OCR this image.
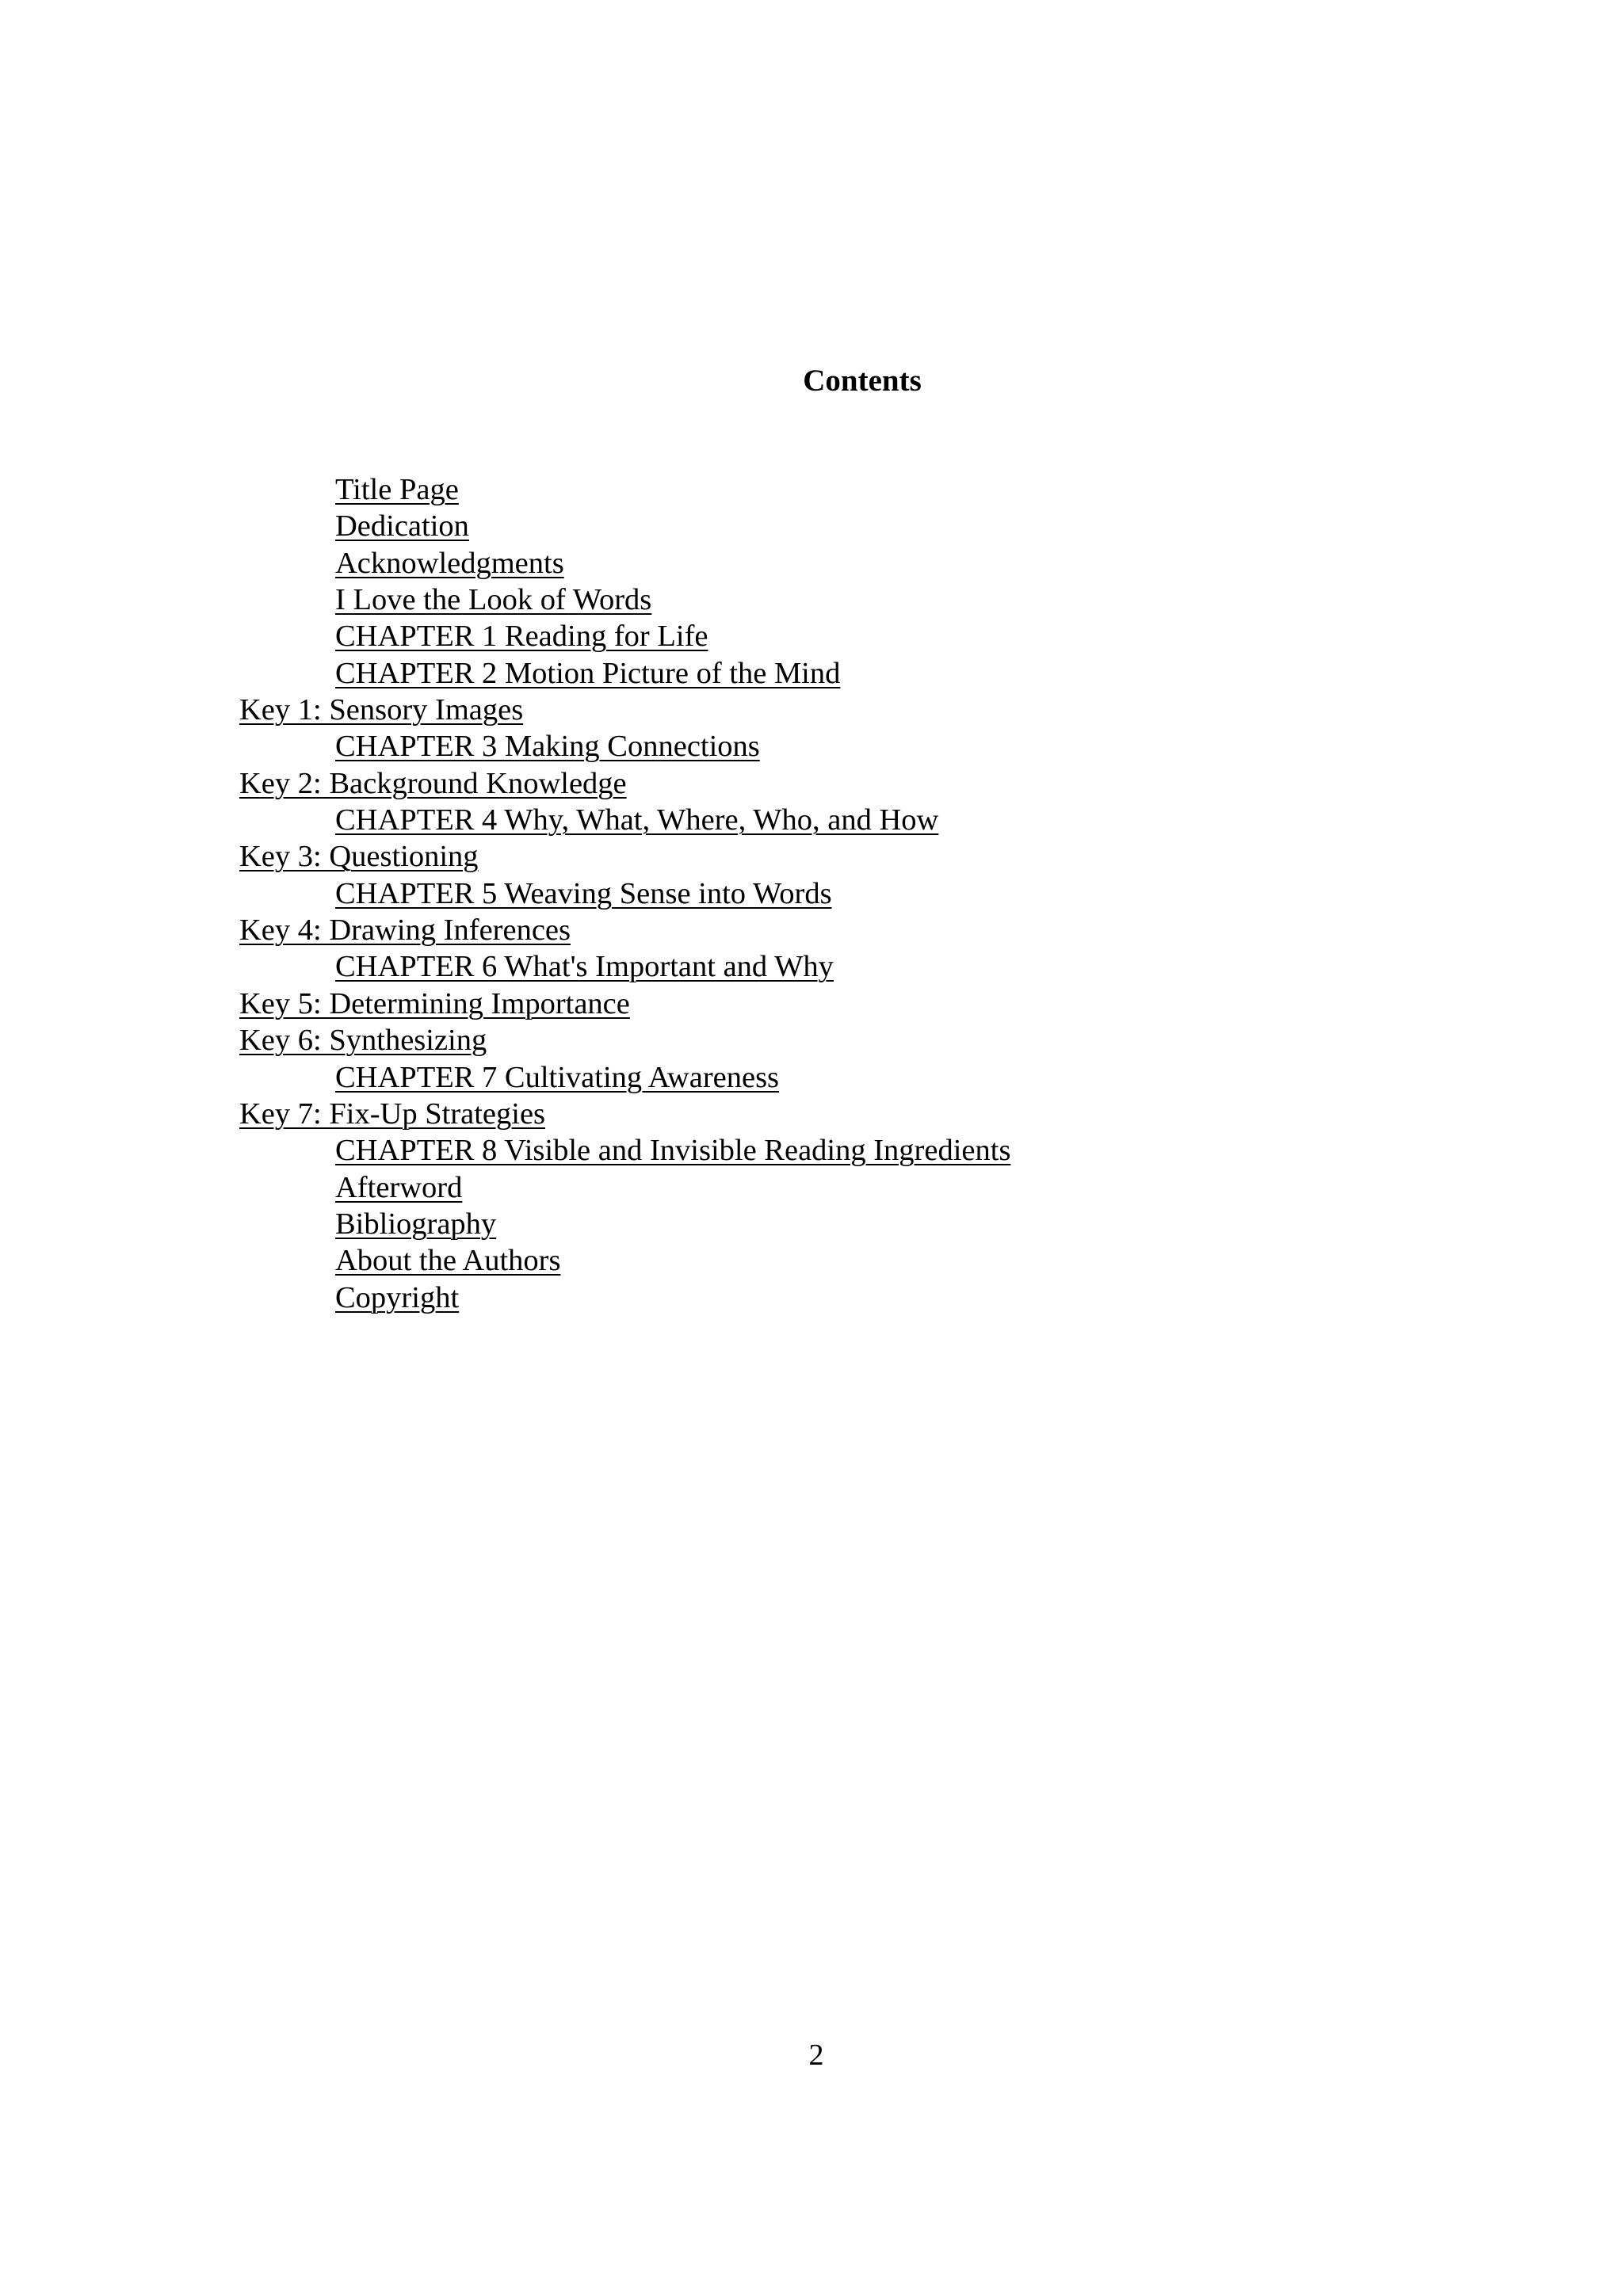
Contents
Title Page
Dedication
Acknowledgments
I Love the Look of Words
CHAPTER 1 Reading for Life
CHAPTER 2 Motion Picture of the Mind
Key 1: Sensory Images
CHAPTER 3 Making Connections
Key 2: Background Knowledge
CHAPTER 4 Why, What, Where, Who, and How
Key 3: Questioning
CHAPTER 5 Weaving Sense into Words
Key 4: Drawing Inferences
CHAPTER 6 What's Important and Why
Key 5: Determining Importance
Key 6: Synthesizing
CHAPTER 7 Cultivating Awareness
Key 7: Fix-Up Strategies
CHAPTER 8 Visible and Invisible Reading Ingredients
Afterword
Bibliography
About the Authors
Copyright

2
